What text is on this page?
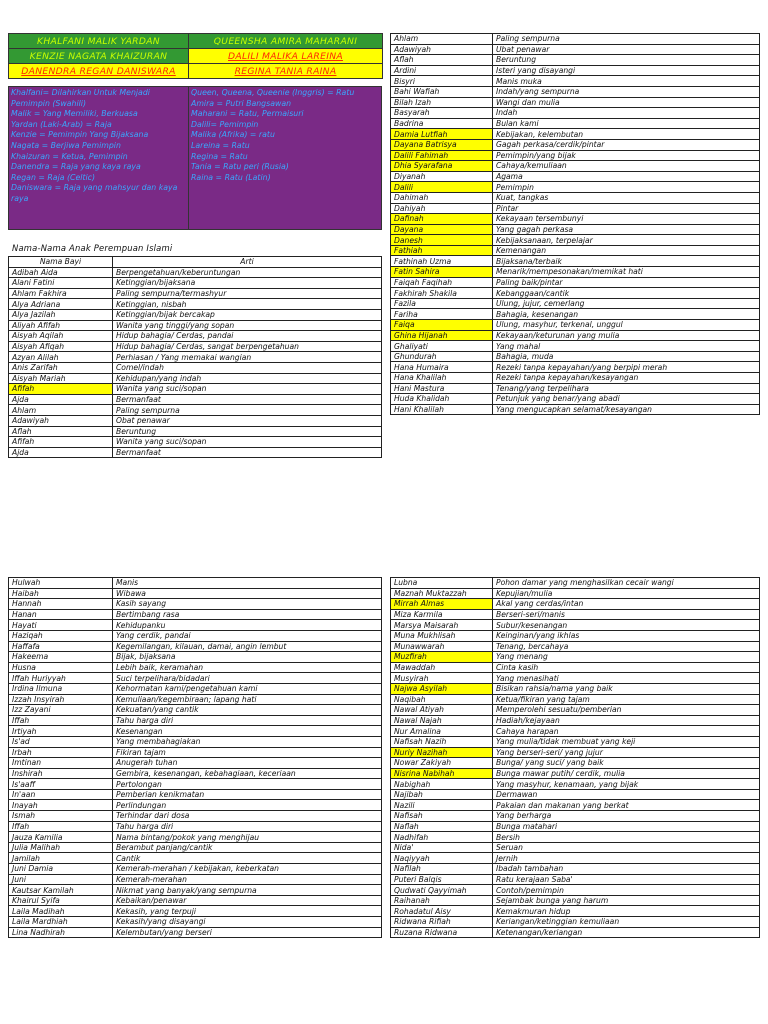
KHALFANI MALIK YARDAN	QUEENSHA AMIRA MAHARANI
KENZIE NAGATA KHAIZURAN	DALILI MALIKA LAREINA
DANENDRA REGAN DANISWARA	REGINA TANIA RAINA
Khalfani= Dilahirkan Untuk Menjadi Pemimpin (Swahili)
Malik = Yang Memiliki, Berkuasa
Yardan (Laki-Arab) = Raja
Kenzie = Pemimpin Yang Bijaksana
Nagata = Berjiwa Pemimpin
Khaizuran = Ketua, Pemimpin
Danendra = Raja yang kaya raya
Regan = Raja (Celtic)
Daniswara = Raja yang mahsyur dan kaya raya
Queen, Queena, Queenie (Inggris) = Ratu
Amira = Putri Bangsawan
Maharani = Ratu, Permaisuri
Dalili= Pemimpin
Malika (Afrika) = ratu
Lareina = Ratu
Regina = Ratu
Tania = Ratu peri (Rusia)
Raina = Ratu (Latin)
Nama-Nama Anak Perempuan Islami
Nama Bayi	Arti
Adibah Aida	Berpengetahuan/keberuntungan
Alani Fatini	Ketinggian/bijaksana
Ahlam Fakhira	Paling sempurna/termashyur
Alya Adriana	Ketinggian, nisbah
Alya Jazilah	Ketinggian/bijak bercakap
Aliyah Afifah	Wanita yang tinggi/yang sopan
Aisyah Aqilah	Hidup bahagia/ Cerdas, pandai
Aisyah Afiqah	Hidup bahagia/ Cerdas, sangat berpengetahuan
Azyan Alilah	Perhiasan / Yang memakai wangian
Anis Zarifah	Comel/indah
Aisyah Mariah	Kehidupan/yang indah
Afifah	Wanita yang suci/sopan
Ajda	Bermanfaat
Ahlam	Paling sempurna
Adawiyah	Obat penawar
Aflah	Beruntung
Afifah	Wanita yang suci/sopan
Ajda	Bermanfaat
Ahlam	Paling sempurna
Adawiyah	Ubat penawar
Aflah	Beruntung
Ardini	Isteri yang disayangi
Bisyri	Manis muka
Bahi Wafiah	Indah/yang sempurna
Bilah Izah	Wangi dan mulia
Basyarah	Indah
Badrina	Bulan kami
Damia Lutfiah	Kebijakan, kelembutan
Dayana Batrisya	Gagah perkasa/cerdik/pintar
Dalili Fahimah	Pemimpin/yang bijak
Dhia Syarafana	Cahaya/kemuliaan
Diyanah	Agama
Dalili	Pemimpin
Dahimah	Kuat, tangkas
Dahiyah	Pintar
Dafinah	Kekayaan tersembunyi
Dayana	Yang gagah perkasa
Danesh	Kebijaksanaan, terpelajar
Fathiah	Kemenangan
Fathinah Uzma	Bijaksana/terbaik
Fatin Sahira	Menarik/mempesonakan/memikat hati
Faiqah Faqihah	Paling baik/pintar
Fakhirah Shakila	Kebanggaan/cantik
Fazila	Ulung, jujur, cemerlang
Fariha	Bahagia, kesenangan
Faiqa	Ulung, masyhur, terkenal, unggul
Ghina Hijanah	Kekayaan/keturunan yang mulia
Ghaliyati	Yang mahal
Ghundurah	Bahagia, muda
Hana Humaira	Rezeki tanpa kepayahan/yang berpipi merah
Hana Khalilah	Rezeki tanpa kepayahan/kesayangan
Hani Mastura	Tenang/yang terpelihara
Huda Khalidah	Petunjuk yang benar/yang abadi
Hani Khalilah	Yang mengucapkan selamat/kesayangan
Hulwah	Manis
Haibah	Wibawa
Hannah	Kasih sayang
Hanan	Bertimbang rasa
Hayati	Kehidupanku
Haziqah	Yang cerdik, pandai
Haffafa	Kegemilangan, kilauan, damai, angin lembut
Hakeema	Bijak, bijaksana
Husna	Lebih baik, keramahan
Iffah Huriyyah	Suci terpelihara/bidadari
Irdina Ilmuna	Kehormatan kami/pengetahuan kami
Izzah Insyirah	Kemuliaan/kegembiraan; lapang hati
Izz Zayani	Kekuatan/yang cantik
Iffah	Tahu harga diri
Irtiyah	Kesenangan
Is'ad	Yang membahagiakan
Irbah	Fikiran tajam
Imtinan	Anugerah tuhan
Inshirah	Gembira, kesenangan, kebahagiaan, keceriaan
Is'aaff	Pertolongan
In'aan	Pemberian kenikmatan
Inayah	Perlindungan
Ismah	Terhindar dari dosa
Iffah	Tahu harga diri
Jauza Kamilia	Nama bintang/pokok yang menghijau
Julia Malihah	Berambut panjang/cantik
Jamilah	Cantik
Juni Damia	Kemerah-merahan / kebijakan, keberkatan
Juni	Kemerah-merahan
Kautsar Kamilah	Nikmat yang banyak/yang sempurna
Khairul Syifa	Kebaikan/penawar
Laila Madihah	Kekasih, yang terpuji
Laila Mardhiah	Kekasih/yang disayangi
Lina Nadhirah	Kelembutan/yang berseri
Lubna	Pohon damar yang menghasilkan cecair wangi
Maznah Muktazzah	Kepujian/mulia
Mirrah Almas	Akal yang cerdas/intan
Miza Karmila	Berseri-seri/manis
Marsya Maisarah	Subur/kesenangan
Muna Mukhlisah	Keinginan/yang ikhlas
Munawwarah	Tenang, bercahaya
Muzfirah	Yang menang
Mawaddah	Cinta kasih
Musyirah	Yang menasihati
Najwa Asyilah	Bisikan rahsia/nama yang baik
Naqibah	Ketua/fikiran yang tajam
Nawal Atiyah	Memperolehi sesuatu/pemberian
Nawal Najah	Hadiah/kejayaan
Nur Amalina	Cahaya harapan
Nafisah Nazih	Yang mulia/tidak membuat yang keji
Nuriy Nazihah	Yang berseri-seri/ yang jujur
Nowar Zakiyah	Bunga/ yang suci/ yang baik
Nisrina Nabihah	Bunga mawar putih/ cerdik, mulia
Nabighah	Yang masyhur, kenamaan, yang bijak
Najibah	Dermawan
Nazili	Pakaian dan makanan yang berkat
Nafisah	Yang berharga
Naflah	Bunga matahari
Nadhifah	Bersih
Nida'	Seruan
Naqiyyah	Jernih
Nafilah	Ibadah tambahan
Puteri Balqis	Ratu kerajaan Saba'
Qudwati Qayyimah	Contoh/pemimpin
Raihanah	Sejambak bunga yang harum
Rohadatul Aisy	Kemakmuran hidup
Ridwana Rifiah	Keriangan/ketinggian kemuliaan
Ruzana Ridwana	Ketenangan/keriangan
